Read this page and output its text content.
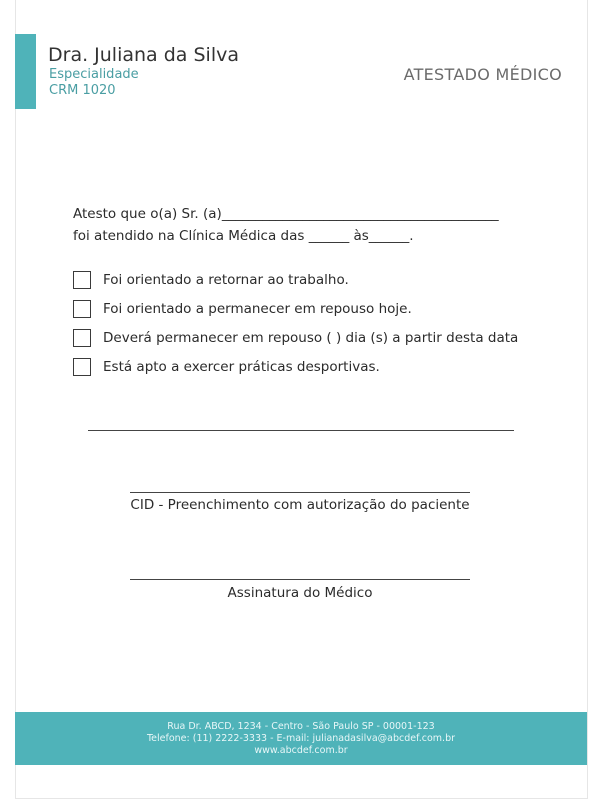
Dra. Juliana da Silva
Especialidade
CRM 1020
ATESTADO MÉDICO
Atesto que o(a) Sr. (a)_________________________________________
foi atendido na Clínica Médica das ______ às______.
Foi orientado a retornar ao trabalho.
Foi orientado a permanecer em repouso hoje.
Deverá permanecer em repouso ( ) dia (s) a partir desta data
Está apto a exercer práticas desportivas.
CID - Preenchimento com autorização do paciente
Assinatura do Médico
Rua Dr. ABCD, 1234 - Centro - São Paulo SP - 00001-123
Telefone: (11) 2222-3333 - E-mail: julianadasilva@abcdef.com.br
www.abcdef.com.br
